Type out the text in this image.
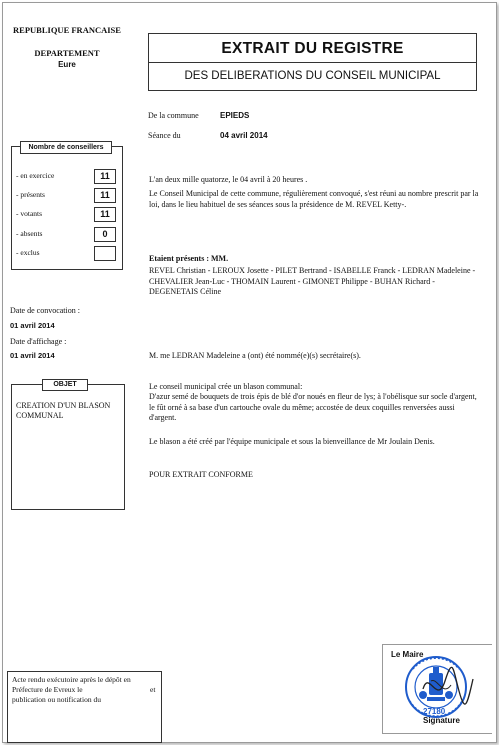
REPUBLIQUE FRANCAISE
DEPARTEMENT
Eure
EXTRAIT DU REGISTRE
DES DELIBERATIONS DU CONSEIL MUNICIPAL
De la commune	EPIEDS
Séance du	04 avril 2014
Nombre de conseillers
- en exercice	11
- présents	11
- votants	11
- absents	0
- exclus
Date de convocation :
01 avril 2014
Date d'affichage :
01 avril 2014
OBJET
CREATION D'UN BLASON COMMUNAL
L'an deux mille quatorze, le 04 avril à 20 heures .
Le Conseil Municipal de cette commune, régulièrement convoqué, s'est réuni au nombre prescrit par la loi, dans le lieu habituel de ses séances sous la présidence de M. REVEL Ketty-.
Etaient présents : MM.
REVEL Christian - LEROUX Josette - PILET Bertrand - ISABELLE Franck - LEDRAN Madeleine - CHEVALIER Jean-Luc - THOMAIN Laurent - GIMONET Philippe - BUHAN Richard - DEGENETAIS Céline
M. me LEDRAN Madeleine a (ont) été nommé(e)(s) secrétaire(s).
Le conseil municipal crée un blason communal:
D'azur semé de bouquets de trois épis de blé d'or noués en fleur de lys; à l'obélisque sur socle d'argent, le fût orné à sa base d'un cartouche ovale du même; accostée de deux coquilles renversées aussi d'argent.
Le blason a été créé par l'équipe municipale et sous la bienveillance de Mr Joulain Denis.
POUR EXTRAIT CONFORME
Acte rendu exécutoire après le dépôt en
Préfecture de Evreux le	et
publication ou notification du
Le Maire
27180
Signature
